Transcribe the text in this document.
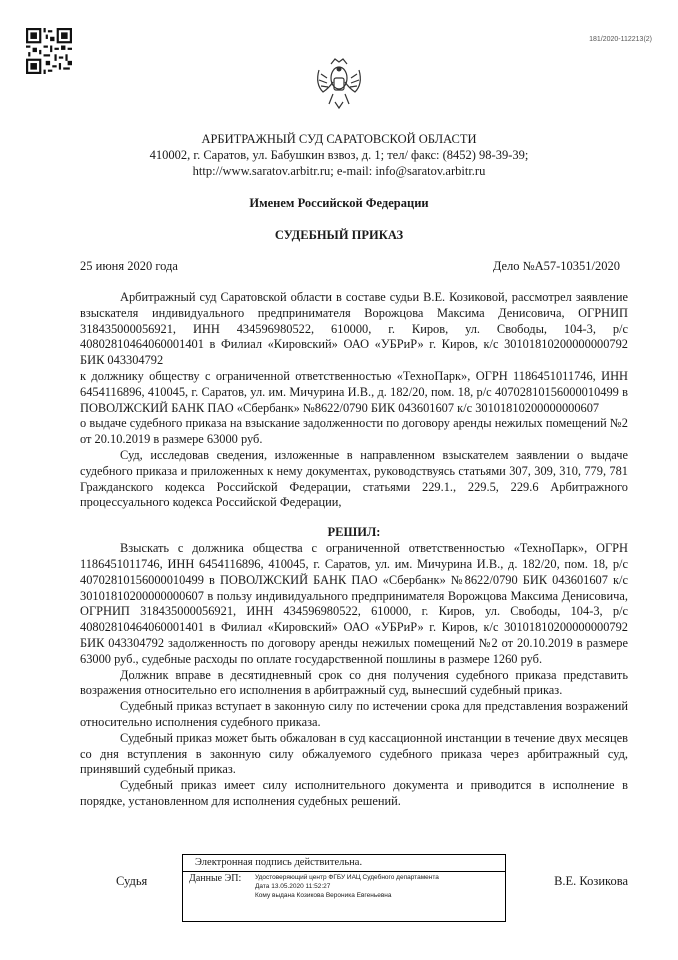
181/2020-112213(2)
АРБИТРАЖНЫЙ СУД САРАТОВСКОЙ ОБЛАСТИ
410002, г. Саратов, ул. Бабушкин взвоз, д. 1; тел/ факс: (8452) 98-39-39;
http://www.saratov.arbitr.ru; e-mail: info@saratov.arbitr.ru
Именем Российской Федерации
СУДЕБНЫЙ ПРИКАЗ
25 июня 2020 года	Дело №А57-10351/2020
Арбитражный суд Саратовской области в составе судьи В.Е. Козиковой, рассмотрел заявление взыскателя индивидуального предпринимателя Ворожцова Максима Денисовича, ОГРНИП 318435000056921, ИНН 434596980522, 610000, г. Киров, ул. Свободы, 104-3, р/с 40802810464060001401 в Филиал «Кировский» ОАО «УБРиР» г. Киров, к/с 30101810200000000792 БИК 043304792
к должнику обществу с ограниченной ответственностью «ТехноПарк», ОГРН 1186451011746, ИНН 6454116896, 410045, г. Саратов, ул. им. Мичурина И.В., д. 182/20, пом. 18, р/с 40702810156000010499 в ПОВОЛЖСКИЙ БАНК ПАО «Сбербанк» №8622/0790 БИК 043601607 к/с 30101810200000000607
о выдаче судебного приказа на взыскание задолженности по договору аренды нежилых помещений №2 от 20.10.2019 в размере 63000 руб.
Суд, исследовав сведения, изложенные в направленном взыскателем заявлении о выдаче судебного приказа и приложенных к нему документах, руководствуясь статьями 307, 309, 310, 779, 781 Гражданского кодекса Российской Федерации, статьями 229.1., 229.5, 229.6 Арбитражного процессуального кодекса Российской Федерации,
РЕШИЛ:
Взыскать с должника общества с ограниченной ответственностью «ТехноПарк», ОГРН 1186451011746, ИНН 6454116896, 410045, г. Саратов, ул. им. Мичурина И.В., д. 182/20, пом. 18, р/с 40702810156000010499 в ПОВОЛЖСКИЙ БАНК ПАО «Сбербанк» №8622/0790 БИК 043601607 к/с 30101810200000000607 в пользу индивидуального предпринимателя Ворожцова Максима Денисовича, ОГРНИП 318435000056921, ИНН 434596980522, 610000, г. Киров, ул. Свободы, 104-3, р/с 40802810464060001401 в Филиал «Кировский» ОАО «УБРиР» г. Киров, к/с 30101810200000000792 БИК 043304792 задолженность по договору аренды нежилых помещений №2 от 20.10.2019 в размере 63000 руб., судебные расходы по оплате государственной пошлины в размере 1260 руб.
Должник вправе в десятидневный срок со дня получения судебного приказа представить возражения относительно его исполнения в арбитражный суд, вынесший судебный приказ.
Судебный приказ вступает в законную силу по истечении срока для представления возражений относительно исполнения судебного приказа.
Судебный приказ может быть обжалован в суд кассационной инстанции в течение двух месяцев со дня вступления в законную силу обжалуемого судебного приказа через арбитражный суд, принявший судебный приказ.
Судебный приказ имеет силу исполнительного документа и приводится в исполнение в порядке, установленном для исполнения судебных решений.
Судья	В.Е. Козикова
Электронная подпись действительна.
Данные ЭП: Удостоверяющий центр ФГБУ ИАЦ Судебного департамента
Дата 13.05.2020 11:52:27
Кому выдана Козикова Вероника Евгеньевна
